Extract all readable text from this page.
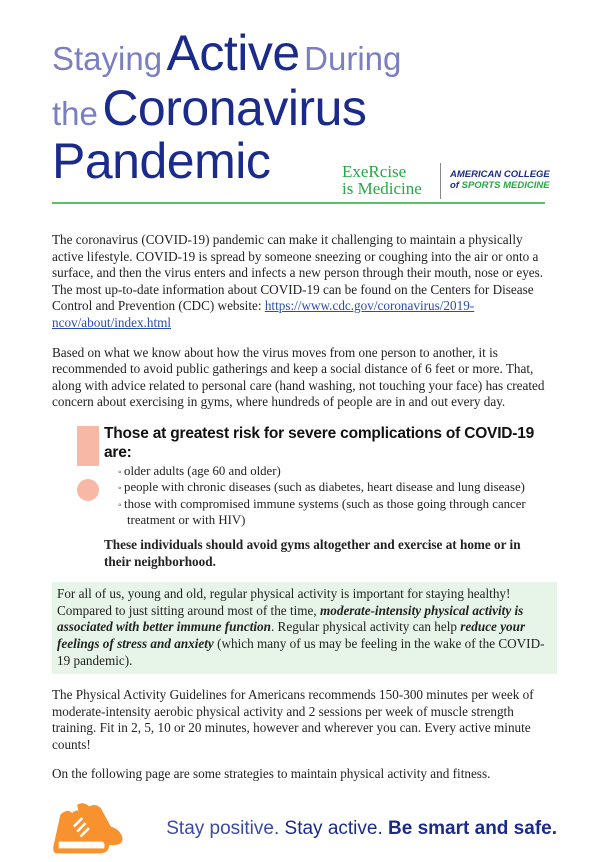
Staying Active During
the Coronavirus
Pandemic	ExeRcise
is Medicine
AMERICAN COLLEGE
of SPORTS MEDICINE

The coronavirus (COVID-19) pandemic can make it challenging to maintain a physically active lifestyle. COVID-19 is spread by someone sneezing or coughing into the air or onto a surface, and then the virus enters and infects a new person through their mouth, nose or eyes. The most up-to-date information about COVID-19 can be found on the Centers for Disease Control and Prevention (CDC) website: https://www.cdc.gov/coronavirus/2019-ncov/about/index.html

Based on what we know about how the virus moves from one person to another, it is recommended to avoid public gatherings and keep a social distance of 6 feet or more. That, along with advice related to personal care (hand washing, not touching your face) has created concern about exercising in gyms, where hundreds of people are in and out every day.

Those at greatest risk for severe complications of COVID-19 are:
◦ older adults (age 60 and older)
◦ people with chronic diseases (such as diabetes, heart disease and lung disease)
◦ those with compromised immune systems (such as those going through cancer treatment or with HIV)
These individuals should avoid gyms altogether and exercise at home or in their neighborhood.

For all of us, young and old, regular physical activity is important for staying healthy! Compared to just sitting around most of the time, moderate-intensity physical activity is associated with better immune function. Regular physical activity can help reduce your feelings of stress and anxiety (which many of us may be feeling in the wake of the COVID-19 pandemic).

The Physical Activity Guidelines for Americans recommends 150-300 minutes per week of moderate-intensity aerobic physical activity and 2 sessions per week of muscle strength training. Fit in 2, 5, 10 or 20 minutes, however and wherever you can. Every active minute counts!

On the following page are some strategies to maintain physical activity and fitness.

Stay positive. Stay active. Be smart and safe.
